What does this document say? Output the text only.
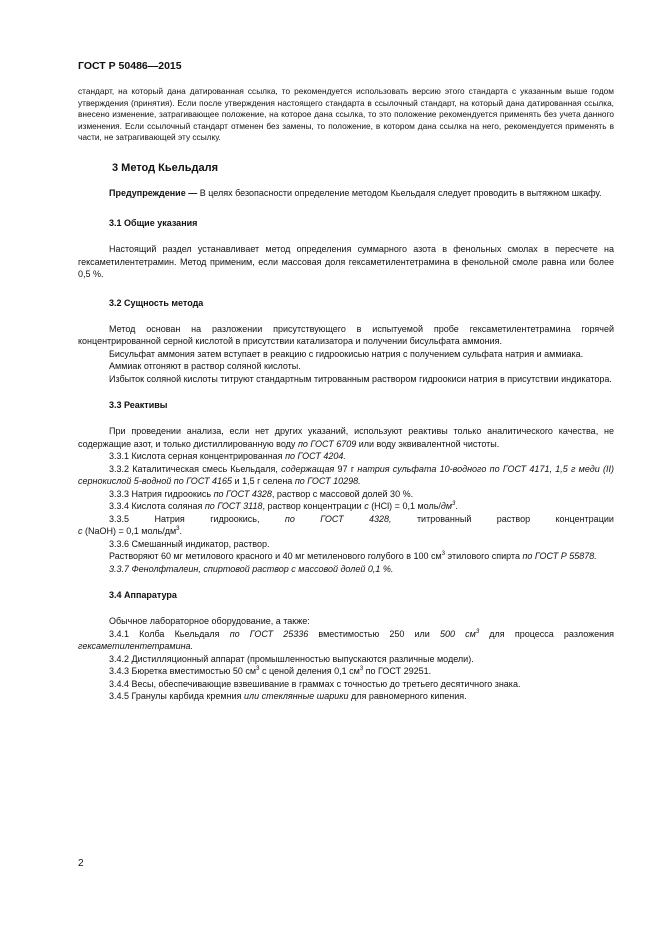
ГОСТ Р 50486—2015

стандарт, на который дана датированная ссылка, то рекомендуется использовать версию этого стандарта с указанным выше годом утверждения (принятия). Если после утверждения настоящего стандарта в ссылочный стандарт, на который дана датированная ссылка, внесено изменение, затрагивающее положение, на которое дана ссылка, то это положение рекомендуется применять без учета данного изменения. Если ссылочный стандарт отменен без замены, то положение, в котором дана ссылка на него, рекомендуется применять в части, не затрагивающей эту ссылку.

3 Метод Кьельдаля

Предупреждение — В целях безопасности определение методом Кьельдаля следует проводить в вытяжном шкафу.

3.1 Общие указания

Настоящий раздел устанавливает метод определения суммарного азота в фенольных смолах в пересчете на гексаметилентетрамин. Метод применим, если массовая доля гексаметилентетрамина в фенольной смоле равна или более 0,5 %.

3.2 Сущность метода

Метод основан на разложении присутствующего в испытуемой пробе гексаметилентетрамина горячей концентрированной серной кислотой в присутствии катализатора и получении бисульфата аммония.

Бисульфат аммония затем вступает в реакцию с гидроокисью натрия с получением сульфата натрия и аммиака.

Аммиак отгоняют в раствор соляной кислоты.

Избыток соляной кислоты титруют стандартным титрованным раствором гидроокиси натрия в присутствии индикатора.

3.3 Реактивы

При проведении анализа, если нет других указаний, используют реактивы только аналитического качества, не содержащие азот, и только дистиллированную воду по ГОСТ 6709 или воду эквивалентной чистоты.

3.3.1 Кислота серная концентрированная по ГОСТ 4204.

3.3.2 Каталитическая смесь Кьельдаля, содержащая 97 г натрия сульфата 10-водного по ГОСТ 4171, 1,5 г меди (II) сернокислой 5-водной по ГОСТ 4165 и 1,5 г селена по ГОСТ 10298.

3.3.3 Натрия гидроокись по ГОСТ 4328, раствор с массовой долей 30 %.

3.3.4 Кислота соляная по ГОСТ 3118, раствор концентрации c (HCl) = 0,1 моль/$дм^3$.

3.3.5	Натрия	гидроокись,	по	ГОСТ	4328,	титрованный	раствор	концентрации

c (NaOH) = 0,1 моль/$дм^3$.

3.3.6 Смешанный индикатор, раствор.

Растворяют 60 мг метилового красного и 40 мг метиленового голубого в 100 $см^3$ этилового спирта по ГОСТ Р 55878.

3.3.7 Фенолфталеин, спиртовой раствор с массовой долей 0,1 %.

3.4 Аппаратура

Обычное лабораторное оборудование, а также:

3.4.1 Колба Кьельдаля по ГОСТ 25336 вместимостью 250 или 500 $см^3$ для процесса разложения гексаметилентетрамина.

3.4.2 Дистилляционный аппарат (промышленностью выпускаются различные модели).

3.4.3 Бюретка вместимостью 50 $см^3$ с ценой деления 0,1 $см^3$ по ГОСТ 29251.

3.4.4 Весы, обеспечивающие взвешивание в граммах с точностью до третьего десятичного знака.

3.4.5 Гранулы карбида кремния или стеклянные шарики для равномерного кипения.

2
